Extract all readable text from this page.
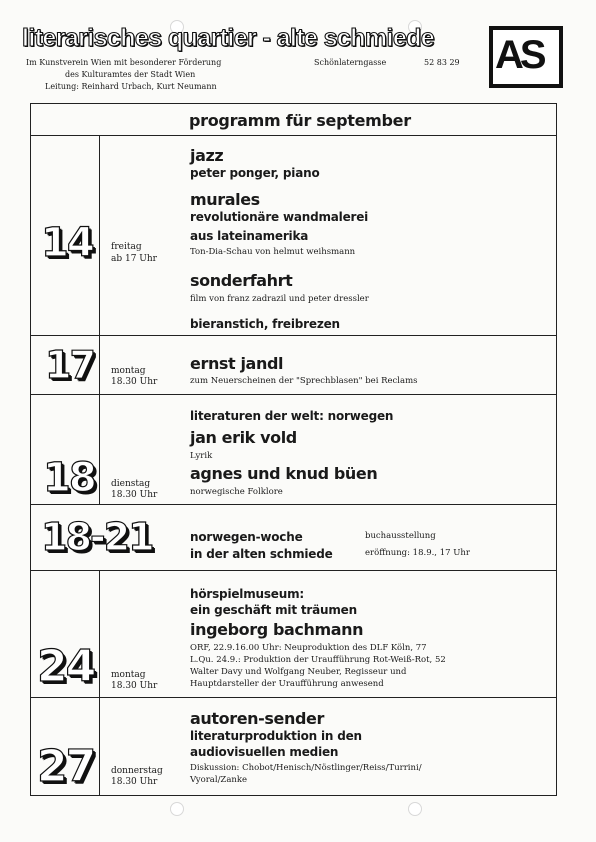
literarisches quartier - alte schmiede
Im Kunstverein Wien mit besonderer Förderung
des Kulturamtes der Stadt Wien
Leitung: Reinhard Urbach, Kurt Neumann
Schönlaterngasse	52 83 29 AS
programm für september
14 freitag
ab 17 Uhr
jazz
peter ponger, piano
murales
revolutionäre wandmalerei
aus lateinamerika
Ton-Dia-Schau von helmut weihsmann
sonderfahrt
film von franz zadrazil und peter dressler
bieranstich, freibrezen
17 montag
18.30 Uhr
ernst jandl
zum Neuerscheinen der "Sprechblasen" bei Reclams
18 dienstag
18.30 Uhr
literaturen der welt: norwegen
jan erik vold
Lyrik
agnes und knud büen
norwegische Folklore
18-21	norwegen-woche
in der alten schmiede
buchausstellung
eröffnung: 18.9., 17 Uhr
24 montag
18.30 Uhr
hörspielmuseum:
ein geschäft mit träumen
ingeborg bachmann
ORF, 22.9.16.00 Uhr: Neuproduktion des DLF Köln, 77
L.Qu. 24.9.: Produktion der Uraufführung Rot-Weiß-Rot, 52
Walter Davy und Wolfgang Neuber, Regisseur und
Hauptdarsteller der Uraufführung anwesend
27 donnerstag
18.30 Uhr
autoren-sender
literaturproduktion in den
audiovisuellen medien
Diskussion: Chobot/Henisch/Nöstlinger/Reiss/Turrini/
Vyoral/Zanke
